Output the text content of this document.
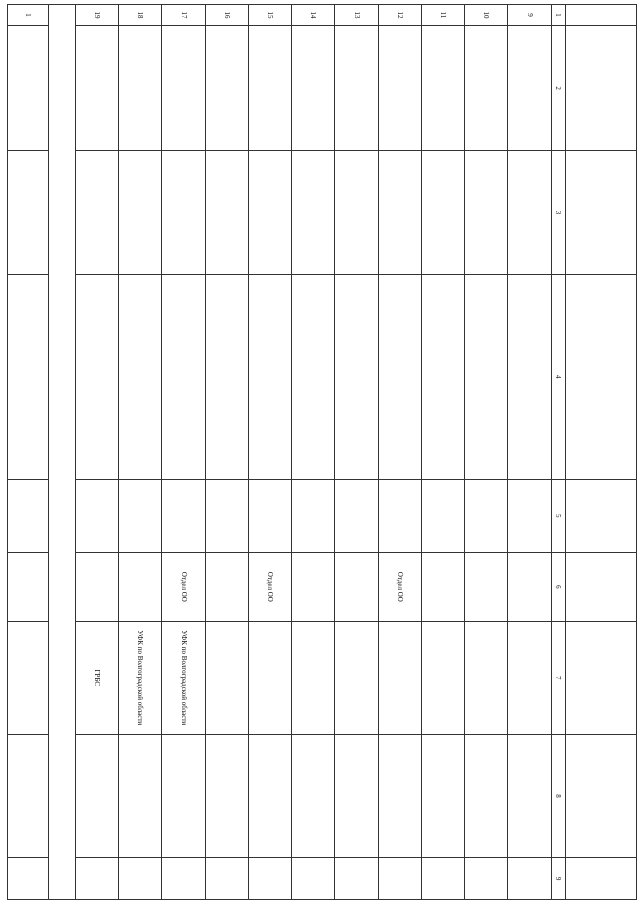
1	2	3	4	5	6	7	8	9
9								
10								
11								
12					Отдел ОО			
13								
14								
15					Отдел ОО			
16								
17					Отдел ОО	УФК по Волгоградской области		
18						УФК по Волгоградской области		
19						ГРБС		

1								
